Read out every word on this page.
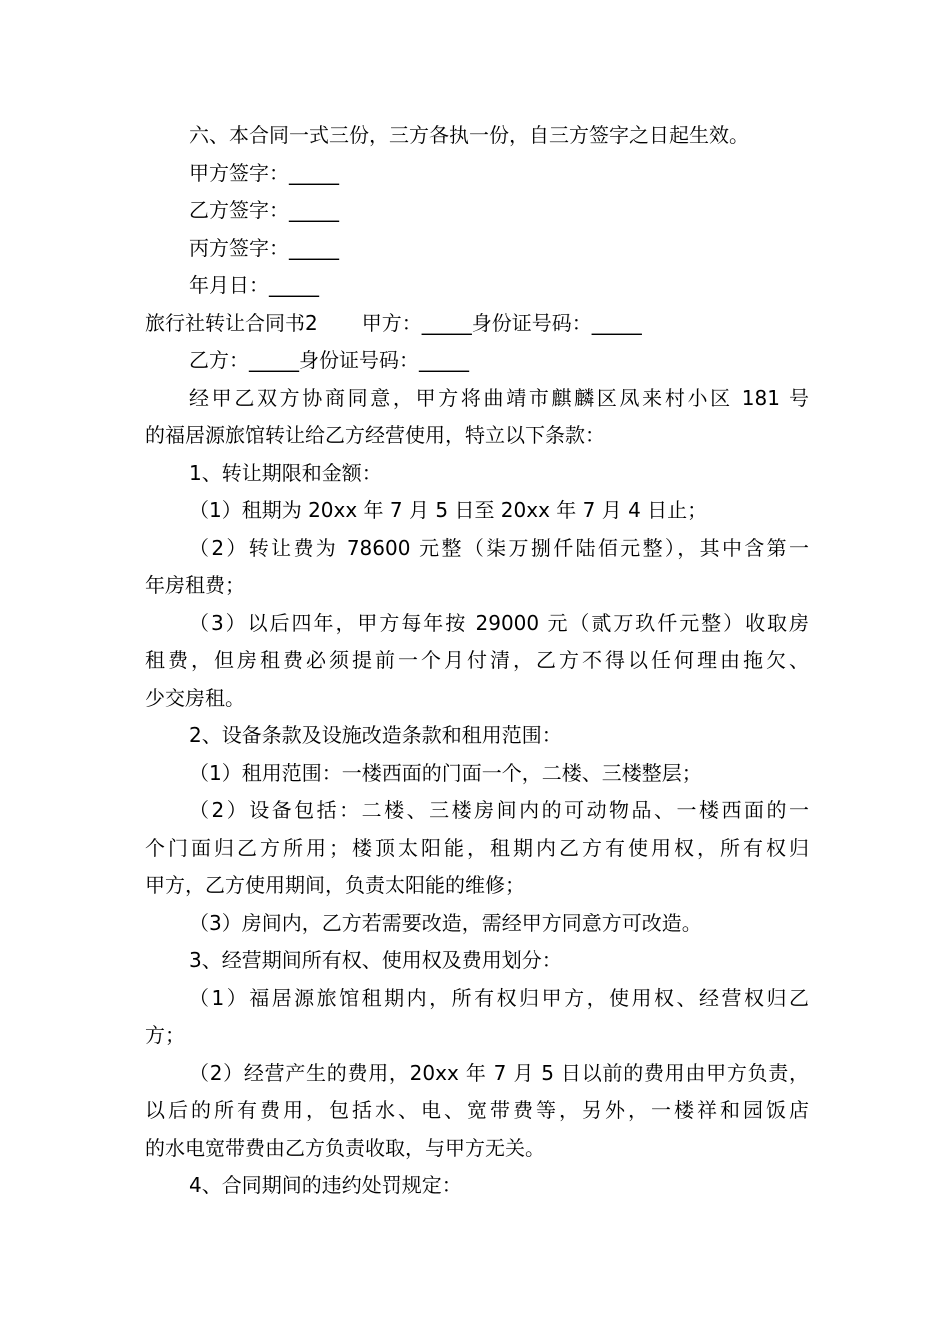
六、本合同一式三份，三方各执一份，自三方签字之日起生效。
甲方签字：_____
乙方签字：_____
丙方签字：_____
年月日：_____
旅行社转让合同书2 甲方：_____身份证号码：_____
乙方：_____身份证号码：_____
经甲乙双方协商同意，甲方将曲靖市麒麟区凤来村小区 181 号
的福居源旅馆转让给乙方经营使用，特立以下条款：
1、转让期限和金额：
（1）租期为 20xx 年 7 月 5 日至 20xx 年 7 月 4 日止；
（2）转让费为 78600 元整（柒万捌仟陆佰元整），其中含第一
年房租费；
（3）以后四年，甲方每年按 29000 元（贰万玖仟元整）收取房
租费，但房租费必须提前一个月付清，乙方不得以任何理由拖欠、
少交房租。
2、设备条款及设施改造条款和租用范围：
（1）租用范围：一楼西面的门面一个，二楼、三楼整层；
（2）设备包括：二楼、三楼房间内的可动物品、一楼西面的一
个门面归乙方所用；楼顶太阳能，租期内乙方有使用权，所有权归
甲方，乙方使用期间，负责太阳能的维修；
（3）房间内，乙方若需要改造，需经甲方同意方可改造。
3、经营期间所有权、使用权及费用划分：
（1）福居源旅馆租期内，所有权归甲方，使用权、经营权归乙
方；
（2）经营产生的费用，20xx 年 7 月 5 日以前的费用由甲方负责，
以后的所有费用，包括水、电、宽带费等，另外，一楼祥和园饭店
的水电宽带费由乙方负责收取，与甲方无关。
4、合同期间的违约处罚规定：
